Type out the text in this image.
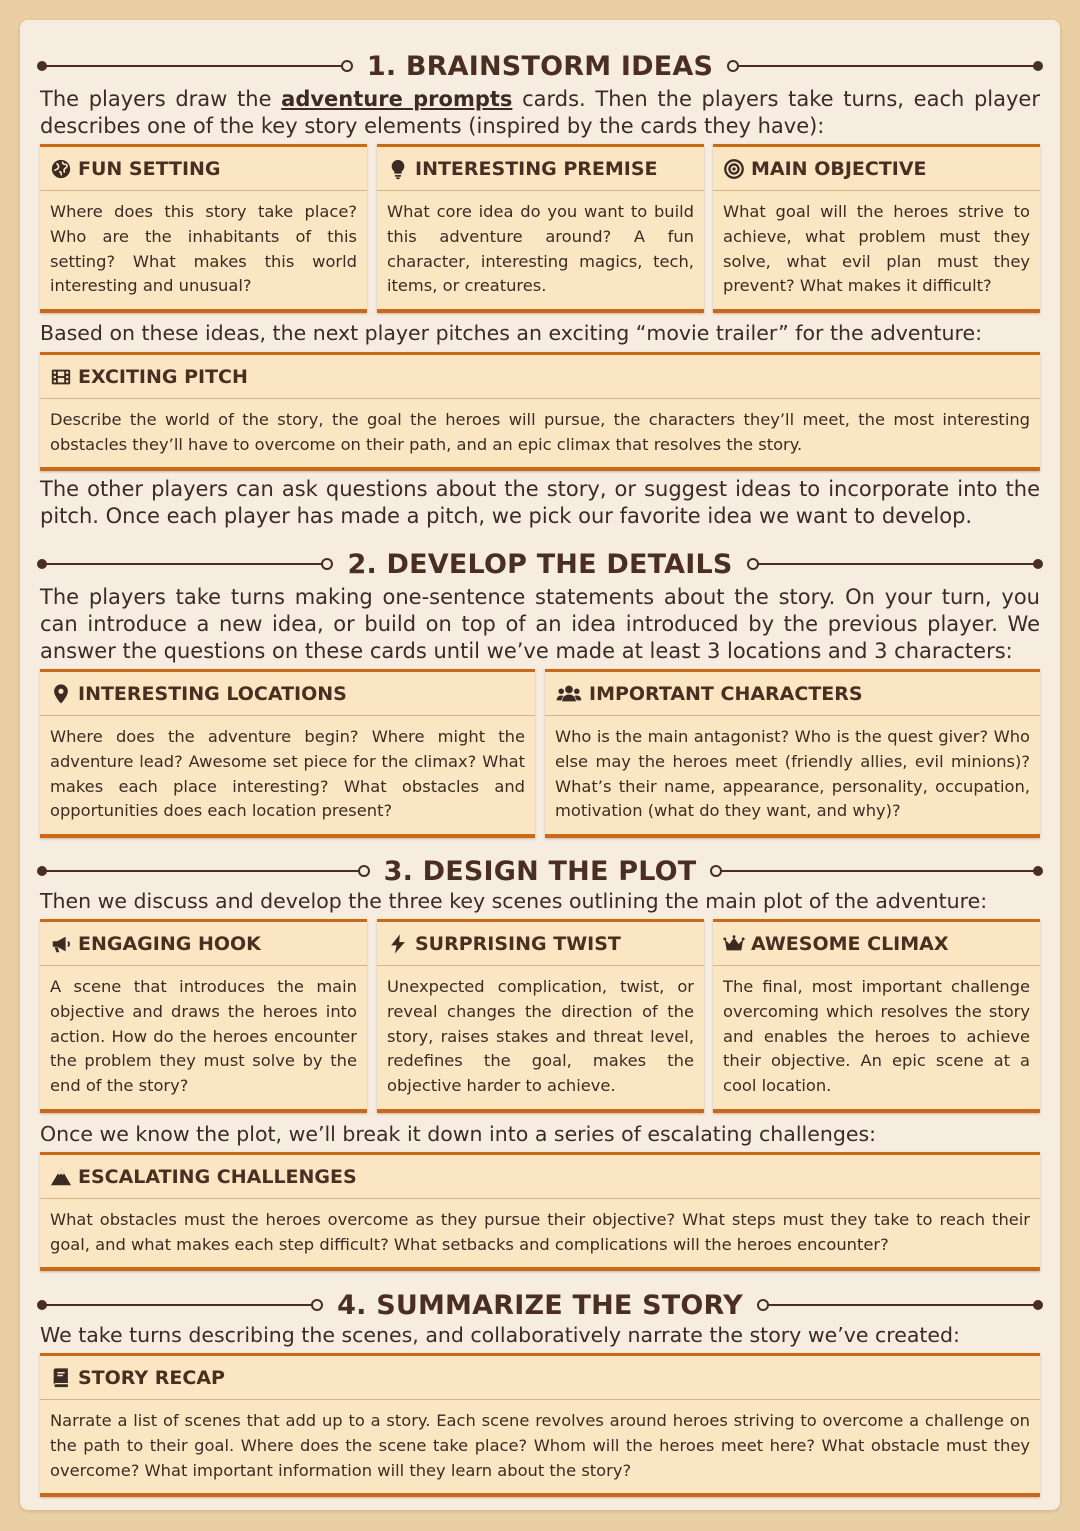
1. BRAINSTORM IDEAS
The players draw the adventure prompts cards. Then the players take turns, each player describes one of the key story elements (inspired by the cards they have):
FUN SETTING
Where does this story take place? Who are the inhabitants of this setting? What makes this world interesting and unusual?
INTERESTING PREMISE
What core idea do you want to build this adventure around? A fun character, interesting magics, tech, items, or creatures.
MAIN OBJECTIVE
What goal will the heroes strive to achieve, what problem must they solve, what evil plan must they prevent? What makes it difficult?
Based on these ideas, the next player pitches an exciting “movie trailer” for the adventure:
EXCITING PITCH
Describe the world of the story, the goal the heroes will pursue, the characters they’ll meet, the most interesting obstacles they’ll have to overcome on their path, and an epic climax that resolves the story.
The other players can ask questions about the story, or suggest ideas to incorporate into the pitch. Once each player has made a pitch, we pick our favorite idea we want to develop.
2. DEVELOP THE DETAILS
The players take turns making one-sentence statements about the story. On your turn, you can introduce a new idea, or build on top of an idea introduced by the previous player. We answer the questions on these cards until we’ve made at least 3 locations and 3 characters:
INTERESTING LOCATIONS
Where does the adventure begin? Where might the adventure lead? Awesome set piece for the climax? What makes each place interesting? What obstacles and opportunities does each location present?
IMPORTANT CHARACTERS
Who is the main antagonist? Who is the quest giver? Who else may the heroes meet (friendly allies, evil minions)? What’s their name, appearance, personality, occupation, motivation (what do they want, and why)?
3. DESIGN THE PLOT
Then we discuss and develop the three key scenes outlining the main plot of the adventure:
ENGAGING HOOK
A scene that introduces the main objective and draws the heroes into action. How do the heroes encounter the problem they must solve by the end of the story?
SURPRISING TWIST
Unexpected complication, twist, or reveal changes the direction of the story, raises stakes and threat level, redefines the goal, makes the objective harder to achieve.
AWESOME CLIMAX
The final, most important challenge overcoming which resolves the story and enables the heroes to achieve their objective. An epic scene at a cool location.
Once we know the plot, we’ll break it down into a series of escalating challenges:
ESCALATING CHALLENGES
What obstacles must the heroes overcome as they pursue their objective? What steps must they take to reach their goal, and what makes each step difficult? What setbacks and complications will the heroes encounter?
4. SUMMARIZE THE STORY
We take turns describing the scenes, and collaboratively narrate the story we’ve created:
STORY RECAP
Narrate a list of scenes that add up to a story. Each scene revolves around heroes striving to overcome a challenge on the path to their goal. Where does the scene take place? Whom will the heroes meet here? What obstacle must they overcome? What important information will they learn about the story?
